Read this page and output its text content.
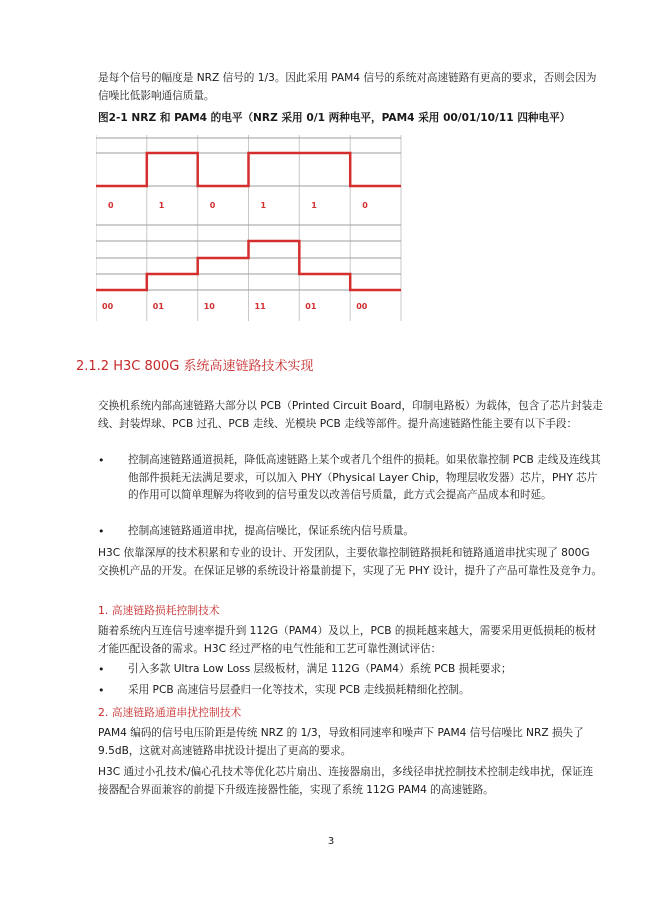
是每个信号的幅度是 NRZ 信号的 1/3。因此采用 PAM4 信号的系统对高速链路有更高的要求，否则会因为信噪比低影响通信质量。

图2-1 NRZ 和 PAM4 的电平（NRZ 采用 0/1 两种电平，PAM4 采用 00/01/10/11 四种电平）
0	1	0	1	1	0
00	01	10	11	01	00
2.1.2 H3C 800G 系统高速链路技术实现

交换机系统内部高速链路大部分以 PCB（Printed Circuit Board，印制电路板）为载体，包含了芯片封装走线、封装焊球、PCB 过孔、PCB 走线、光模块 PCB 走线等部件。提升高速链路性能主要有以下手段：

• 控制高速链路通道损耗，降低高速链路上某个或者几个组件的损耗。如果依靠控制 PCB 走线及连线其他部件损耗无法满足要求，可以加入 PHY（Physical Layer Chip，物理层收发器）芯片，PHY 芯片的作用可以简单理解为将收到的信号重发以改善信号质量，此方式会提高产品成本和时延。

• 控制高速链路通道串扰，提高信噪比，保证系统内信号质量。

H3C 依靠深厚的技术积累和专业的设计、开发团队，主要依靠控制链路损耗和链路通道串扰实现了 800G 交换机产品的开发。在保证足够的系统设计裕量前提下，实现了无 PHY 设计，提升了产品可靠性及竞争力。

1. 高速链路损耗控制技术

随着系统内互连信号速率提升到 112G（PAM4）及以上，PCB 的损耗越来越大，需要采用更低损耗的板材才能匹配设备的需求。H3C 经过严格的电气性能和工艺可靠性测试评估：

• 引入多款 Ultra Low Loss 层级板材，满足 112G（PAM4）系统 PCB 损耗要求；

• 采用 PCB 高速信号层叠归一化等技术，实现 PCB 走线损耗精细化控制。

2. 高速链路通道串扰控制技术

PAM4 编码的信号电压阶距是传统 NRZ 的 1/3，导致相同速率和噪声下 PAM4 信号信噪比 NRZ 损失了 9.5dB，这就对高速链路串扰设计提出了更高的要求。

H3C 通过小孔技术/偏心孔技术等优化芯片扇出、连接器扇出，多线径串扰控制技术控制走线串扰，保证连接器配合界面兼容的前提下升级连接器性能，实现了系统 112G PAM4 的高速链路。

3
